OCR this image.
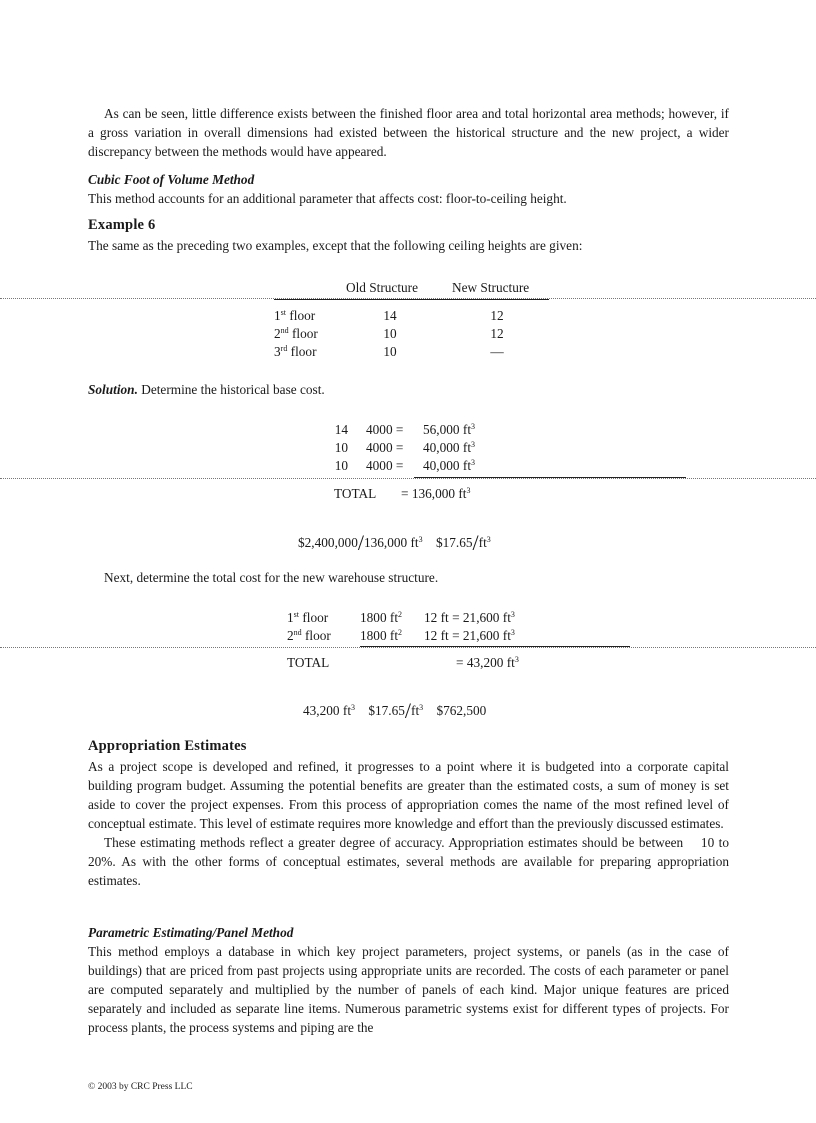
As can be seen, little difference exists between the finished floor area and total horizontal area methods; however, if a gross variation in overall dimensions had existed between the historical structure and the new project, a wider discrepancy between the methods would have appeared.

Cubic Foot of Volume Method

This method accounts for an additional parameter that affects cost: floor-to-ceiling height.

Example 6

The same as the preceding two examples, except that the following ceiling heights are given:

Old Structure	New Structure
1st floor	14	12
2nd floor	10	12
3rd floor	10	—

Solution. Determine the historical base cost.

14 4000 = 56,000 $ft^3$
10 4000 = 40,000 $ft^3$
10 4000 = 40,000 $ft^3$
TOTAL = 136,000 $ft^3$
$2,400,000/136,000 $ft^3$ $\$17.65/ft^3$

Next, determine the total cost for the new warehouse structure.

1st floor 1800 $ft^2$ 12 ft = 21,600 $ft^3$
2nd floor 1800 $ft^2$ 12 ft = 21,600 $ft^3$
TOTAL	= 43,200 $ft^3$
43,200 $ft^3$ $\$17.65/ft^3$ $762,500

Appropriation Estimates

As a project scope is developed and refined, it progresses to a point where it is budgeted into a corporate capital building program budget. Assuming the potential benefits are greater than the estimated costs, a sum of money is set aside to cover the project expenses. From this process of appropriation comes the name of the most refined level of conceptual estimate. This level of estimate requires more knowledge and effort than the previously discussed estimates.

These estimating methods reflect a greater degree of accuracy. Appropriation estimates should be between    10 to 20%. As with the other forms of conceptual estimates, several methods are available for preparing appropriation estimates.

Parametric Estimating/Panel Method

This method employs a database in which key project parameters, project systems, or panels (as in the case of buildings) that are priced from past projects using appropriate units are recorded. The costs of each parameter or panel are computed separately and multiplied by the number of panels of each kind. Major unique features are priced separately and included as separate line items. Numerous parametric systems exist for different types of projects. For process plants, the process systems and piping are the

© 2003 by CRC Press LLC
